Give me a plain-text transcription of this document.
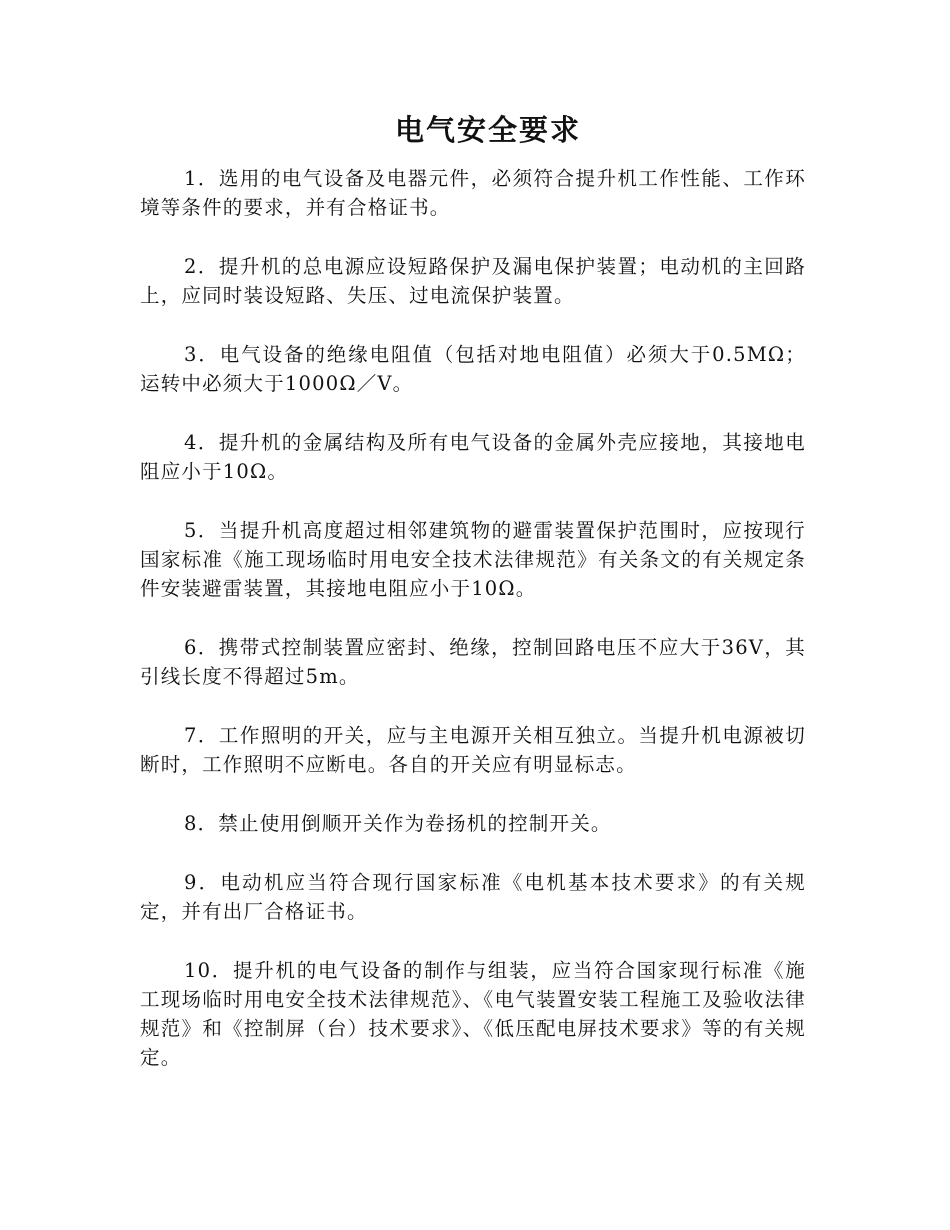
电气安全要求

1．选用的电气设备及电器元件，必须符合提升机工作性能、工作环境等条件的要求，并有合格证书。

2．提升机的总电源应设短路保护及漏电保护装置；电动机的主回路上，应同时装设短路、失压、过电流保护装置。

3．电气设备的绝缘电阻值（包括对地电阻值）必须大于0.5MΩ；运转中必须大于1000Ω／V。

4．提升机的金属结构及所有电气设备的金属外壳应接地，其接地电阻应小于10Ω。

5．当提升机高度超过相邻建筑物的避雷装置保护范围时，应按现行国家标准《施工现场临时用电安全技术法律规范》有关条文的有关规定条件安装避雷装置，其接地电阻应小于10Ω。

6．携带式控制装置应密封、绝缘，控制回路电压不应大于36V，其引线长度不得超过5m。

7．工作照明的开关，应与主电源开关相互独立。当提升机电源被切断时，工作照明不应断电。各自的开关应有明显标志。

8．禁止使用倒顺开关作为卷扬机的控制开关。

9．电动机应当符合现行国家标准《电机基本技术要求》的有关规定，并有出厂合格证书。

10．提升机的电气设备的制作与组装，应当符合国家现行标准《施工现场临时用电安全技术法律规范》、《电气装置安装工程施工及验收法律规范》和《控制屏（台）技术要求》、《低压配电屏技术要求》等的有关规定。
